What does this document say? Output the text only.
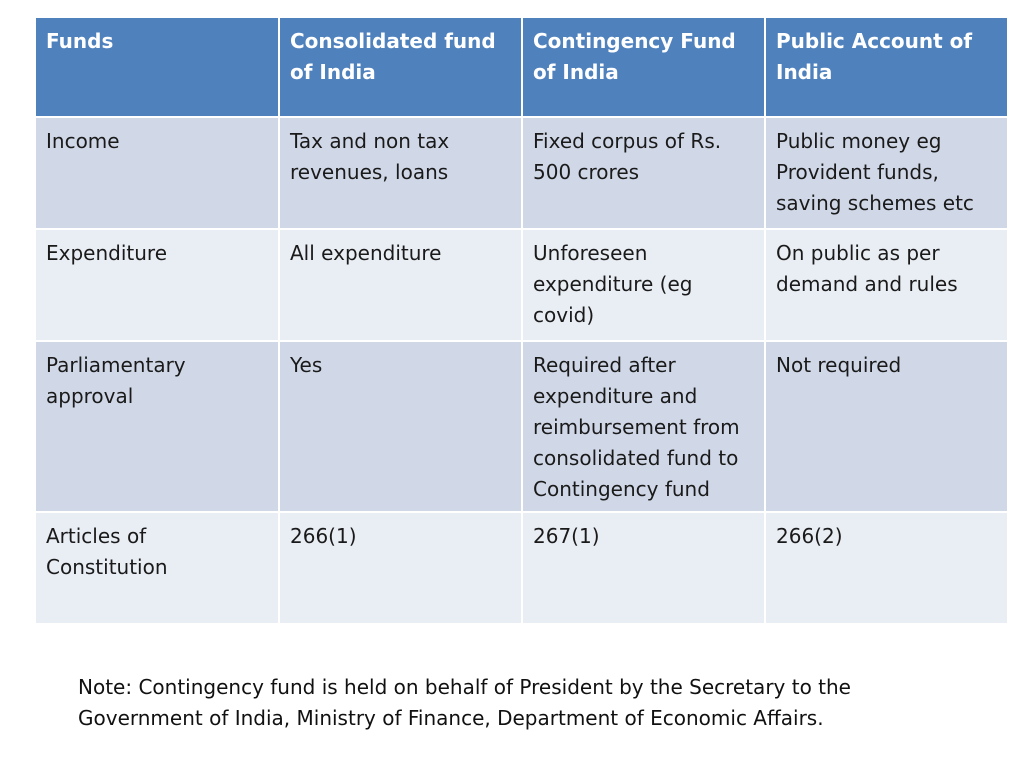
Funds	Consolidated fund of India	Contingency Fund of India	Public Account of India
Income	Tax and non tax revenues, loans	Fixed corpus of Rs. 500 crores	Public money eg Provident funds, saving schemes etc
Expenditure	All expenditure	Unforeseen expenditure (eg covid)	On public as per demand and rules
Parliamentary approval	Yes	Required after expenditure and reimbursement from consolidated fund to Contingency fund	Not required
Articles of Constitution	266(1)	267(1)	266(2)
Note: Contingency fund is held on behalf of President by the Secretary to the Government of India, Ministry of Finance, Department of Economic Affairs.
